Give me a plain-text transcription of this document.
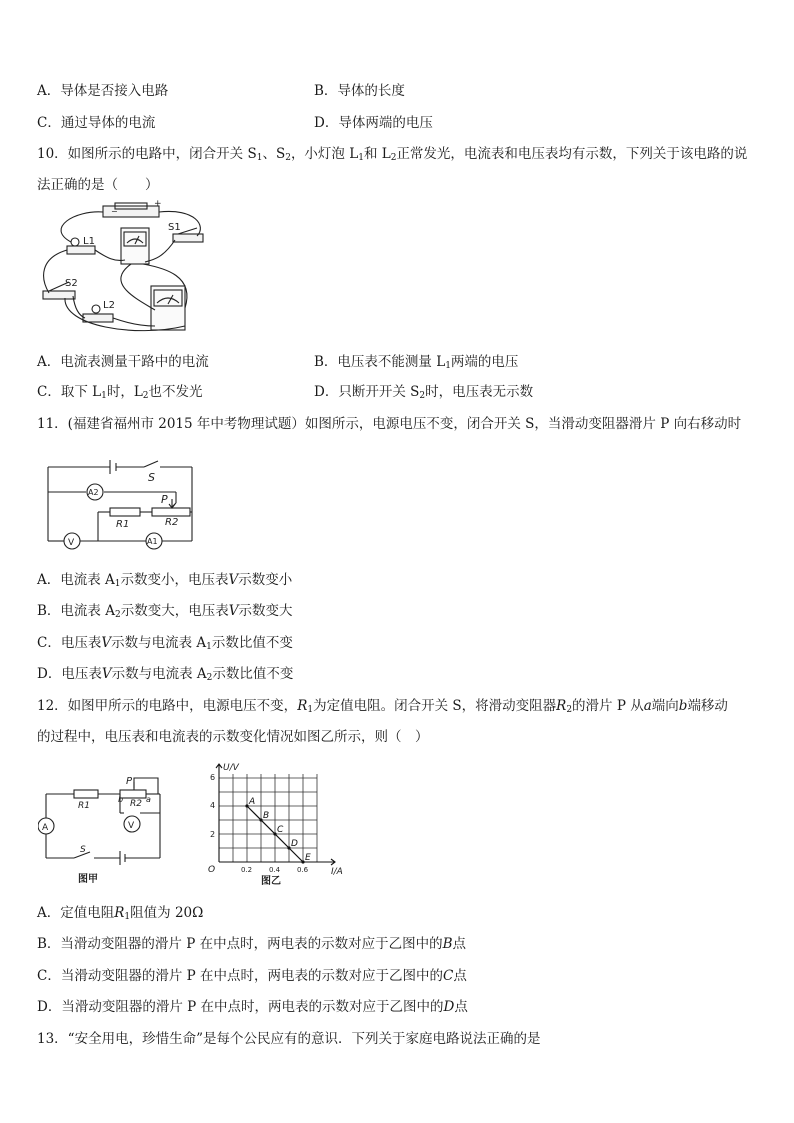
A．导体是否接入电路	B．导体的长度
C．通过导体的电流	D．导体两端的电压
10．如图所示的电路中，闭合开关 $S_1$、$S_2$，小灯泡 $L_1$和 $L_2$正常发光，电流表和电压表均有示数，下列关于该电路的说
法正确的是（　　）
−
+
L1
S1
S2
L2
A．电流表测量干路中的电流	B．电压表不能测量 $L_1$两端的电压
C．取下 $L_1$时，$L_2$也不发光	D．只断开开关 $S_2$时，电压表无示数
11．(福建省福州市 2015 年中考物理试题）如图所示，电源电压不变，闭合开关 S，当滑动变阻器滑片 P 向右移动时
S
P
R1	R2
A2
A1
V
A．电流表 $A_1$示数变小，电压表V示数变小
B．电流表 $A_2$示数变大，电压表V示数变大
C．电压表V示数与电流表 $A_1$示数比值不变
D．电压表V示数与电流表 $A_2$示数比值不变
12．如图甲所示的电路中，电源电压不变，$R_1$为定值电阻。闭合开关 S，将滑动变阻器$R_2$的滑片 P 从a端向b端移动
的过程中，电压表和电流表的示数变化情况如图乙所示，则（　）
R1	R2
P
b	a
A	V
S
图甲
A
B
C
D
E
U/V
I/A
O
4
2
6
0.2 0.4 0.6
图乙
A．定值电阻$R_1$阻值为 20Ω
B．当滑动变阻器的滑片 P 在中点时，两电表的示数对应于乙图中的B点
C．当滑动变阻器的滑片 P 在中点时，两电表的示数对应于乙图中的C点
D．当滑动变阻器的滑片 P 在中点时，两电表的示数对应于乙图中的D点
13．“安全用电，珍惜生命”是每个公民应有的意识．下列关于家庭电路说法正确的是
